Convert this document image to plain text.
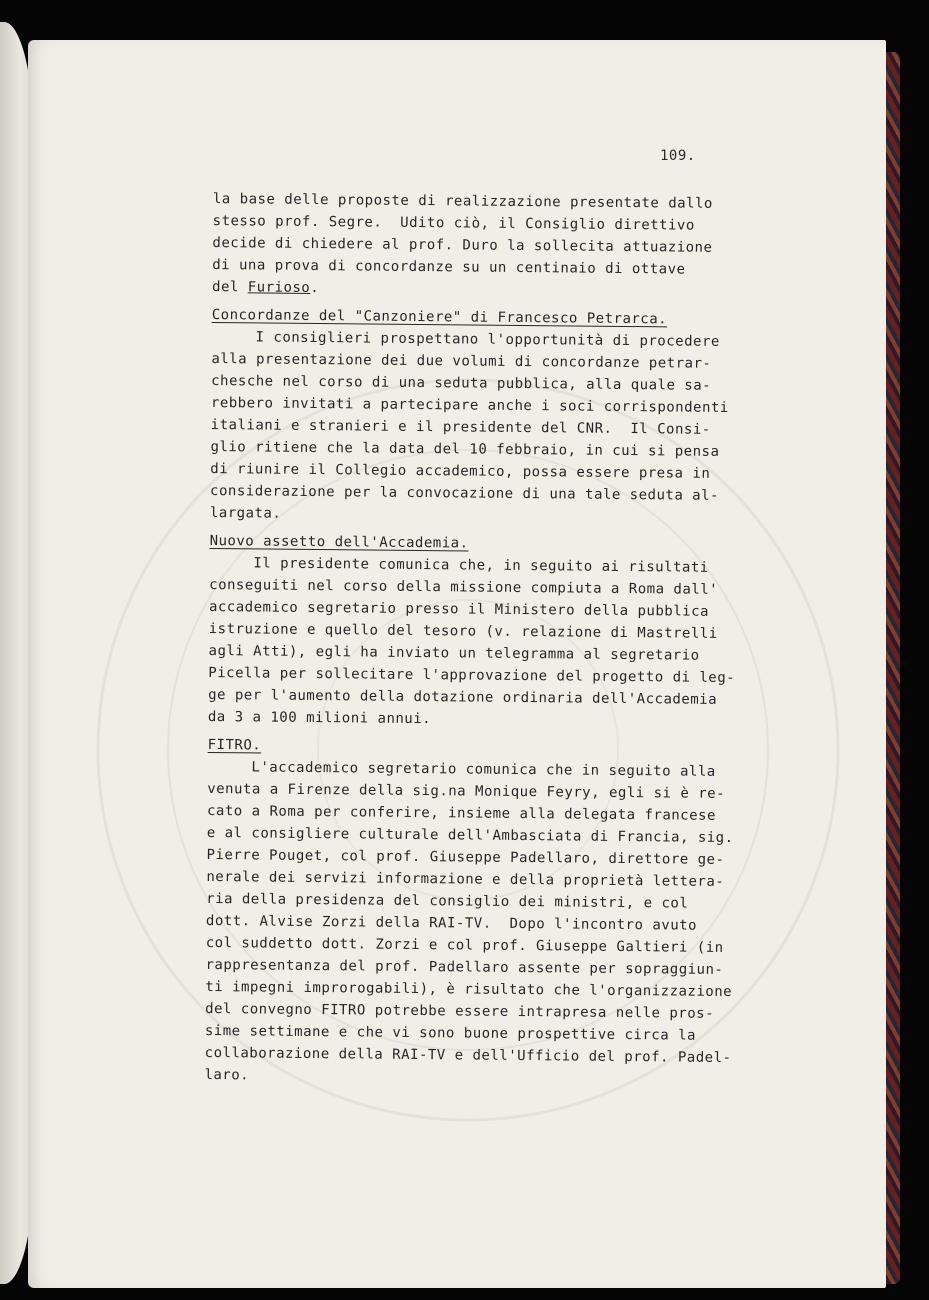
109.
la base delle proposte di realizzazione presentate dallo
stesso prof. Segre.  Udito ciò, il Consiglio direttivo
decide di chiedere al prof. Duro la sollecita attuazione
di una prova di concordanze su un centinaio di ottave
del Furioso.
Concordanze del "Canzoniere" di Francesco Petrarca.
I consiglieri prospettano l'opportunità di procedere
alla presentazione dei due volumi di concordanze petrar-
chesche nel corso di una seduta pubblica, alla quale sa-
rebbero invitati a partecipare anche i soci corrispondenti
italiani e stranieri e il presidente del CNR.  Il Consi-
glio ritiene che la data del 10 febbraio, in cui si pensa
di riunire il Collegio accademico, possa essere presa in
considerazione per la convocazione di una tale seduta al-
largata.
Nuovo assetto dell'Accademia.
Il presidente comunica che, in seguito ai risultati
conseguiti nel corso della missione compiuta a Roma dall'
accademico segretario presso il Ministero della pubblica
istruzione e quello del tesoro (v. relazione di Mastrelli
agli Atti), egli ha inviato un telegramma al segretario
Picella per sollecitare l'approvazione del progetto di leg-
ge per l'aumento della dotazione ordinaria dell'Accademia
da 3 a 100 milioni annui.
FITRO.
L'accademico segretario comunica che in seguito alla
venuta a Firenze della sig.na Monique Feyry, egli si è re-
cato a Roma per conferire, insieme alla delegata francese
e al consigliere culturale dell'Ambasciata di Francia, sig.
Pierre Pouget, col prof. Giuseppe Padellaro, direttore ge-
nerale dei servizi informazione e della proprietà lettera-
ria della presidenza del consiglio dei ministri, e col
dott. Alvise Zorzi della RAI-TV.  Dopo l'incontro avuto
col suddetto dott. Zorzi e col prof. Giuseppe Galtieri (in
rappresentanza del prof. Padellaro assente per sopraggiun-
ti impegni improrogabili), è risultato che l'organizzazione
del convegno FITRO potrebbe essere intrapresa nelle pros-
sime settimane e che vi sono buone prospettive circa la
collaborazione della RAI-TV e dell'Ufficio del prof. Padel-
laro.
